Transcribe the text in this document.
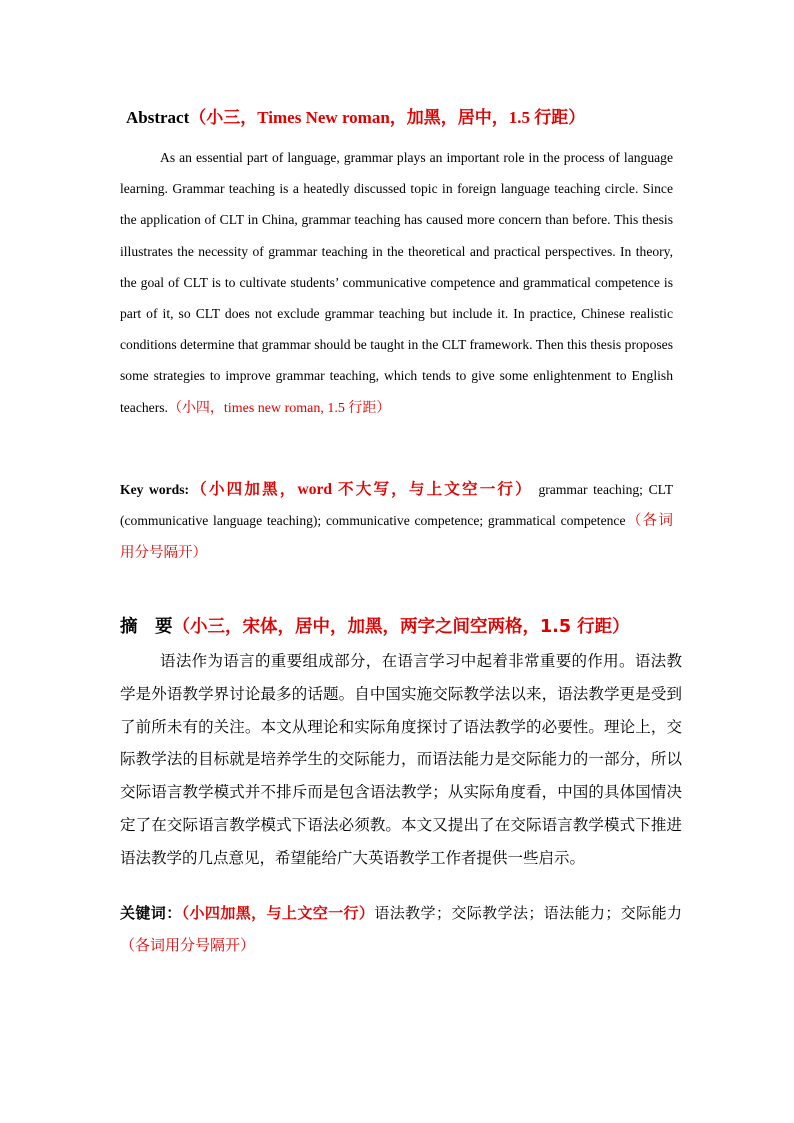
Abstract（小三，Times New roman，加黑，居中，1.5 行距）
As an essential part of language, grammar plays an important role in the process of language learning. Grammar teaching is a heatedly discussed topic in foreign language teaching circle. Since the application of CLT in China, grammar teaching has caused more concern than before. This thesis illustrates the necessity of grammar teaching in the theoretical and practical perspectives. In theory, the goal of CLT is to cultivate students’ communicative competence and grammatical competence is part of it, so CLT does not exclude grammar teaching but include it. In practice, Chinese realistic conditions determine that grammar should be taught in the CLT framework. Then this thesis proposes some strategies to improve grammar teaching, which tends to give some enlightenment to English teachers.（小四，times new roman, 1.5 行距）
Key words:（小四加黑，word 不大写，与上文空一行） grammar teaching; CLT (communicative language teaching); communicative competence; grammatical competence（各词用分号隔开）
摘　要（小三，宋体，居中，加黑，两字之间空两格，1.5 行距）
语法作为语言的重要组成部分，在语言学习中起着非常重要的作用。语法教学是外语教学界讨论最多的话题。自中国实施交际教学法以来，语法教学更是受到了前所未有的关注。本文从理论和实际角度探讨了语法教学的必要性。理论上，交际教学法的目标就是培养学生的交际能力，而语法能力是交际能力的一部分，所以交际语言教学模式并不排斥而是包含语法教学；从实际角度看，中国的具体国情决定了在交际语言教学模式下语法必须教。本文又提出了在交际语言教学模式下推进语法教学的几点意见，希望能给广大英语教学工作者提供一些启示。
关键词：（小四加黑，与上文空一行）语法教学；交际教学法；语法能力；交际能力（各词用分号隔开）
